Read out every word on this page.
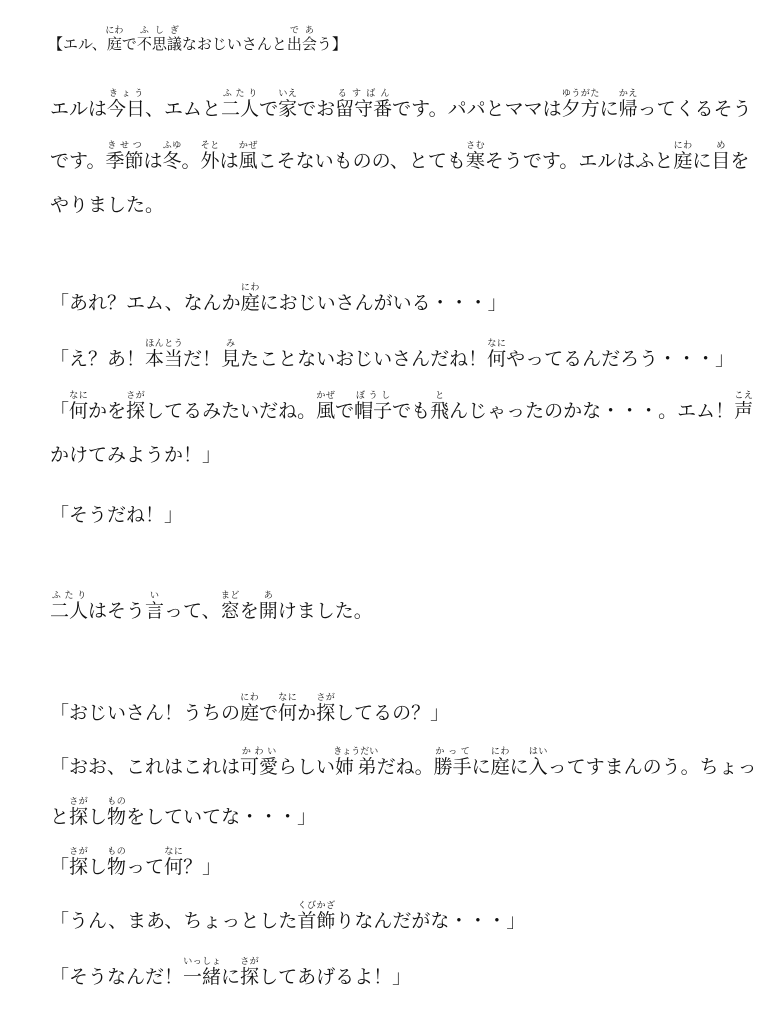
【エル、庭にわで不思議ふしぎなおじいさんと出会であう】

エルは今日きょう、エムと二人ふたりで家いえでお留守番るすばんです。パパとママは夕方ゆうがたに帰かえってくるそう

です。季節きせつは冬ふゆ。外そとは風かぜこそないものの、とても寒さむそうです。エルはふと庭にわに目めを

やりました。

「あれ？エム、なんか庭にわにおじいさんがいる・・・」

「え？あ！本当ほんとうだ！見みたことないおじいさんだね！何なにやってるんだろう・・・」

「何なにかを探さがしてるみたいだね。風かぜで帽子ぼうしでも飛とんじゃったのかな・・・。エム！声こえ

かけてみようか！」

「そうだね！」

二人ふたりはそう言いって、窓まどを開あけました。

「おじいさん！うちの庭にわで何なにか探さがしてるの？」

「おお、これはこれは可愛かわいらしい姉弟きょうだいだね。勝手かってに庭にわに入はいってすまんのう。ちょっ

と探さがし物ものをしていてな・・・」

「探さがし物ものって何なに？」

「うん、まあ、ちょっとした首飾くびかざりなんだがな・・・」

「そうなんだ！一緒いっしょに探さがしてあげるよ！」
